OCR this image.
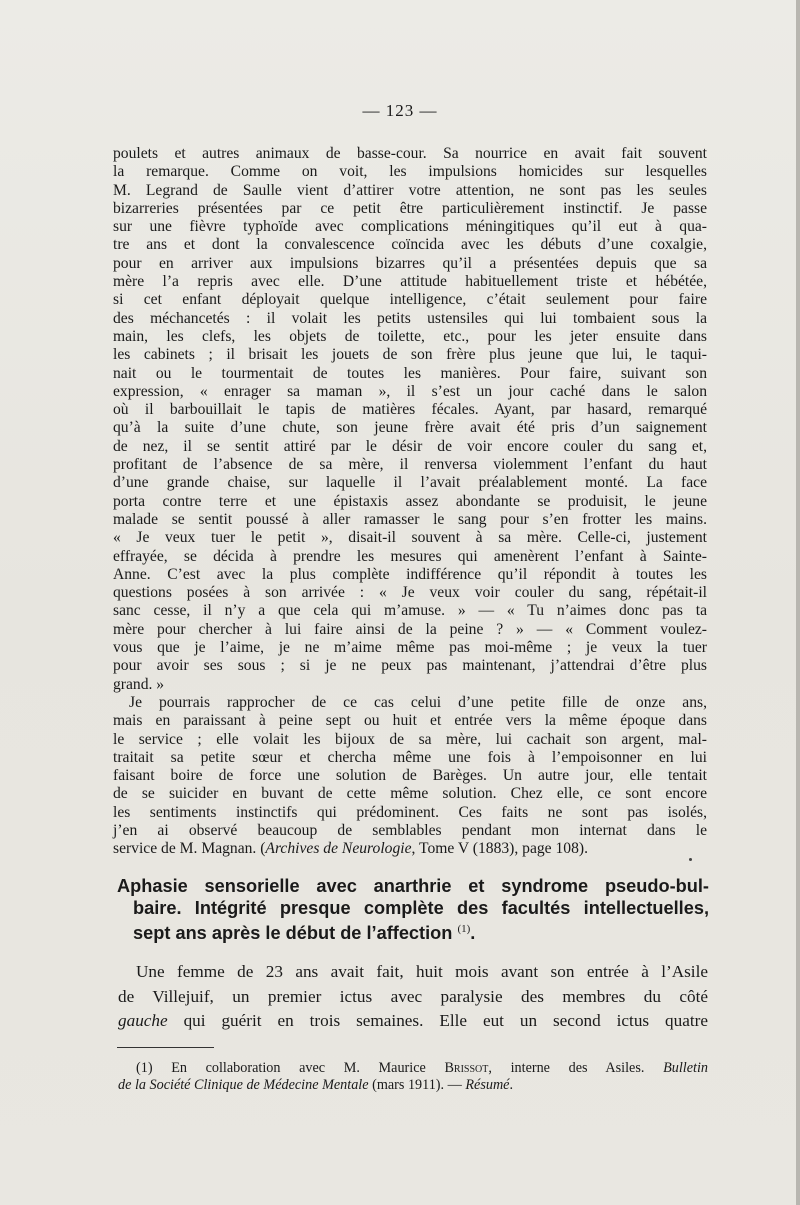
— 123 —
poulets et autres animaux de basse-cour. Sa nourrice en avait fait souvent
la remarque. Comme on voit, les impulsions homicides sur lesquelles
M. Legrand de Saulle vient d’attirer votre attention, ne sont pas les seules
bizarreries présentées par ce petit être particulièrement instinctif. Je passe
sur une fièvre typhoïde avec complications méningitiques qu’il eut à qua-
tre ans et dont la convalescence coïncida avec les débuts d’une coxalgie,
pour en arriver aux impulsions bizarres qu’il a présentées depuis que sa
mère l’a repris avec elle. D’une attitude habituellement triste et hébétée,
si cet enfant déployait quelque intelligence, c’était seulement pour faire
des méchancetés : il volait les petits ustensiles qui lui tombaient sous la
main, les clefs, les objets de toilette, etc., pour les jeter ensuite dans
les cabinets ; il brisait les jouets de son frère plus jeune que lui, le taqui-
nait ou le tourmentait de toutes les manières. Pour faire, suivant son
expression, « enrager sa maman », il s’est un jour caché dans le salon
où il barbouillait le tapis de matières fécales. Ayant, par hasard, remarqué
qu’à la suite d’une chute, son jeune frère avait été pris d’un saignement
de nez, il se sentit attiré par le désir de voir encore couler du sang et,
profitant de l’absence de sa mère, il renversa violemment l’enfant du haut
d’une grande chaise, sur laquelle il l’avait préalablement monté. La face
porta contre terre et une épistaxis assez abondante se produisit, le jeune
malade se sentit poussé à aller ramasser le sang pour s’en frotter les mains.
« Je veux tuer le petit », disait-il souvent à sa mère. Celle-ci, justement
effrayée, se décida à prendre les mesures qui amenèrent l’enfant à Sainte-
Anne. C’est avec la plus complète indifférence qu’il répondit à toutes les
questions posées à son arrivée : « Je veux voir couler du sang, répétait-il
sanc cesse, il n’y a que cela qui m’amuse. » — « Tu n’aimes donc pas ta
mère pour chercher à lui faire ainsi de la peine ? » — « Comment voulez-
vous que je l’aime, je ne m’aime même pas moi-même ; je veux la tuer
pour avoir ses sous ; si je ne peux pas maintenant, j’attendrai d’être plus
grand. »
Je pourrais rapprocher de ce cas celui d’une petite fille de onze ans,
mais en paraissant à peine sept ou huit et entrée vers la même époque dans
le service ; elle volait les bijoux de sa mère, lui cachait son argent, mal-
traitait sa petite sœur et chercha même une fois à l’empoisonner en lui
faisant boire de force une solution de Barèges. Un autre jour, elle tentait
de se suicider en buvant de cette même solution. Chez elle, ce sont encore
les sentiments instinctifs qui prédominent. Ces faits ne sont pas isolés,
j’en ai observé beaucoup de semblables pendant mon internat dans le
service de M. Magnan. (Archives de Neurologie, Tome V (1883), page 108).
Aphasie sensorielle avec anarthrie et syndrome pseudo-bul-
baire. Intégrité presque complète des facultés intellectuelles,
sept ans après le début de l’affection $^{(1)}$.
Une femme de 23 ans avait fait, huit mois avant son entrée à l’Asile
de Villejuif, un premier ictus avec paralysie des membres du côté
gauche qui guérit en trois semaines. Elle eut un second ictus quatre
(1) En collaboration avec M. Maurice Brissot, interne des Asiles. Bulletin
de la Société Clinique de Médecine Mentale (mars 1911). — Résumé.
